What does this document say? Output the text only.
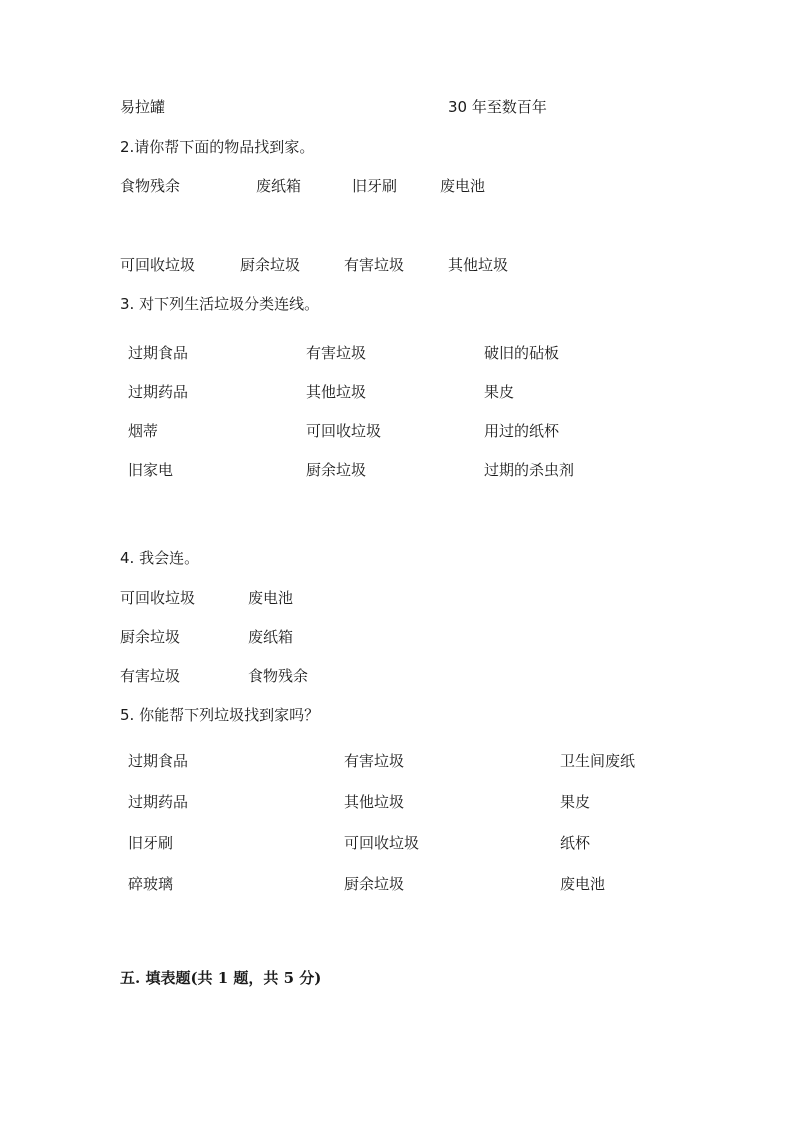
易拉罐	30 年至数百年
2.请你帮下面的物品找到家。
食物残余	废纸箱	旧牙刷	废电池
可回收垃圾	厨余垃圾	有害垃圾	其他垃圾
3. 对下列生活垃圾分类连线。
过期食品	有害垃圾	破旧的砧板
过期药品	其他垃圾	果皮
烟蒂	可回收垃圾	用过的纸杯
旧家电	厨余垃圾	过期的杀虫剂
4. 我会连。
可回收垃圾	废电池
厨余垃圾	废纸箱
有害垃圾	食物残余
5. 你能帮下列垃圾找到家吗？
过期食品	有害垃圾	卫生间废纸
过期药品	其他垃圾	果皮
旧牙刷	可回收垃圾	纸杯
碎玻璃	厨余垃圾	废电池
五. 填表题(共 1 题，共 5 分)
